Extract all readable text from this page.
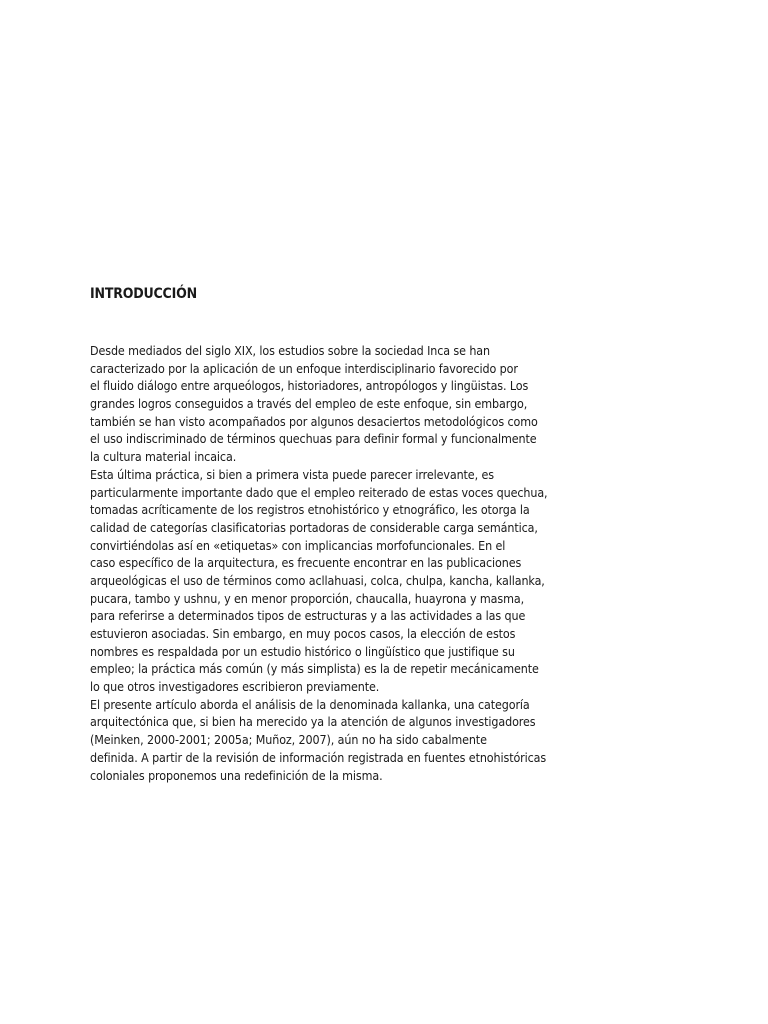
INTRODUCCIÓN
Desde mediados del siglo XIX, los estudios sobre la sociedad Inca se han
caracterizado por la aplicación de un enfoque interdisciplinario favorecido por
el fluido diálogo entre arqueólogos, historiadores, antropólogos y lingüistas. Los
grandes logros conseguidos a través del empleo de este enfoque, sin embargo,
también se han visto acompañados por algunos desaciertos metodológicos como
el uso indiscriminado de términos quechuas para definir formal y funcionalmente
la cultura material incaica.
Esta última práctica, si bien a primera vista puede parecer irrelevante, es
particularmente importante dado que el empleo reiterado de estas voces quechua,
tomadas acríticamente de los registros etnohistórico y etnográfico, les otorga la
calidad de categorías clasificatorias portadoras de considerable carga semántica,
convirtiéndolas así en «etiquetas» con implicancias morfofuncionales. En el
caso específico de la arquitectura, es frecuente encontrar en las publicaciones
arqueológicas el uso de términos como acllahuasi, colca, chulpa, kancha, kallanka,
pucara, tambo y ushnu, y en menor proporción, chaucalla, huayrona y masma,
para referirse a determinados tipos de estructuras y a las actividades a las que
estuvieron asociadas. Sin embargo, en muy pocos casos, la elección de estos
nombres es respaldada por un estudio histórico o lingüístico que justifique su
empleo; la práctica más común (y más simplista) es la de repetir mecánicamente
lo que otros investigadores escribieron previamente.
El presente artículo aborda el análisis de la denominada kallanka, una categoría
arquitectónica que, si bien ha merecido ya la atención de algunos investigadores
(Meinken, 2000-2001; 2005a; Muñoz, 2007), aún no ha sido cabalmente
definida. A partir de la revisión de información registrada en fuentes etnohistóricas
coloniales proponemos una redefinición de la misma.
